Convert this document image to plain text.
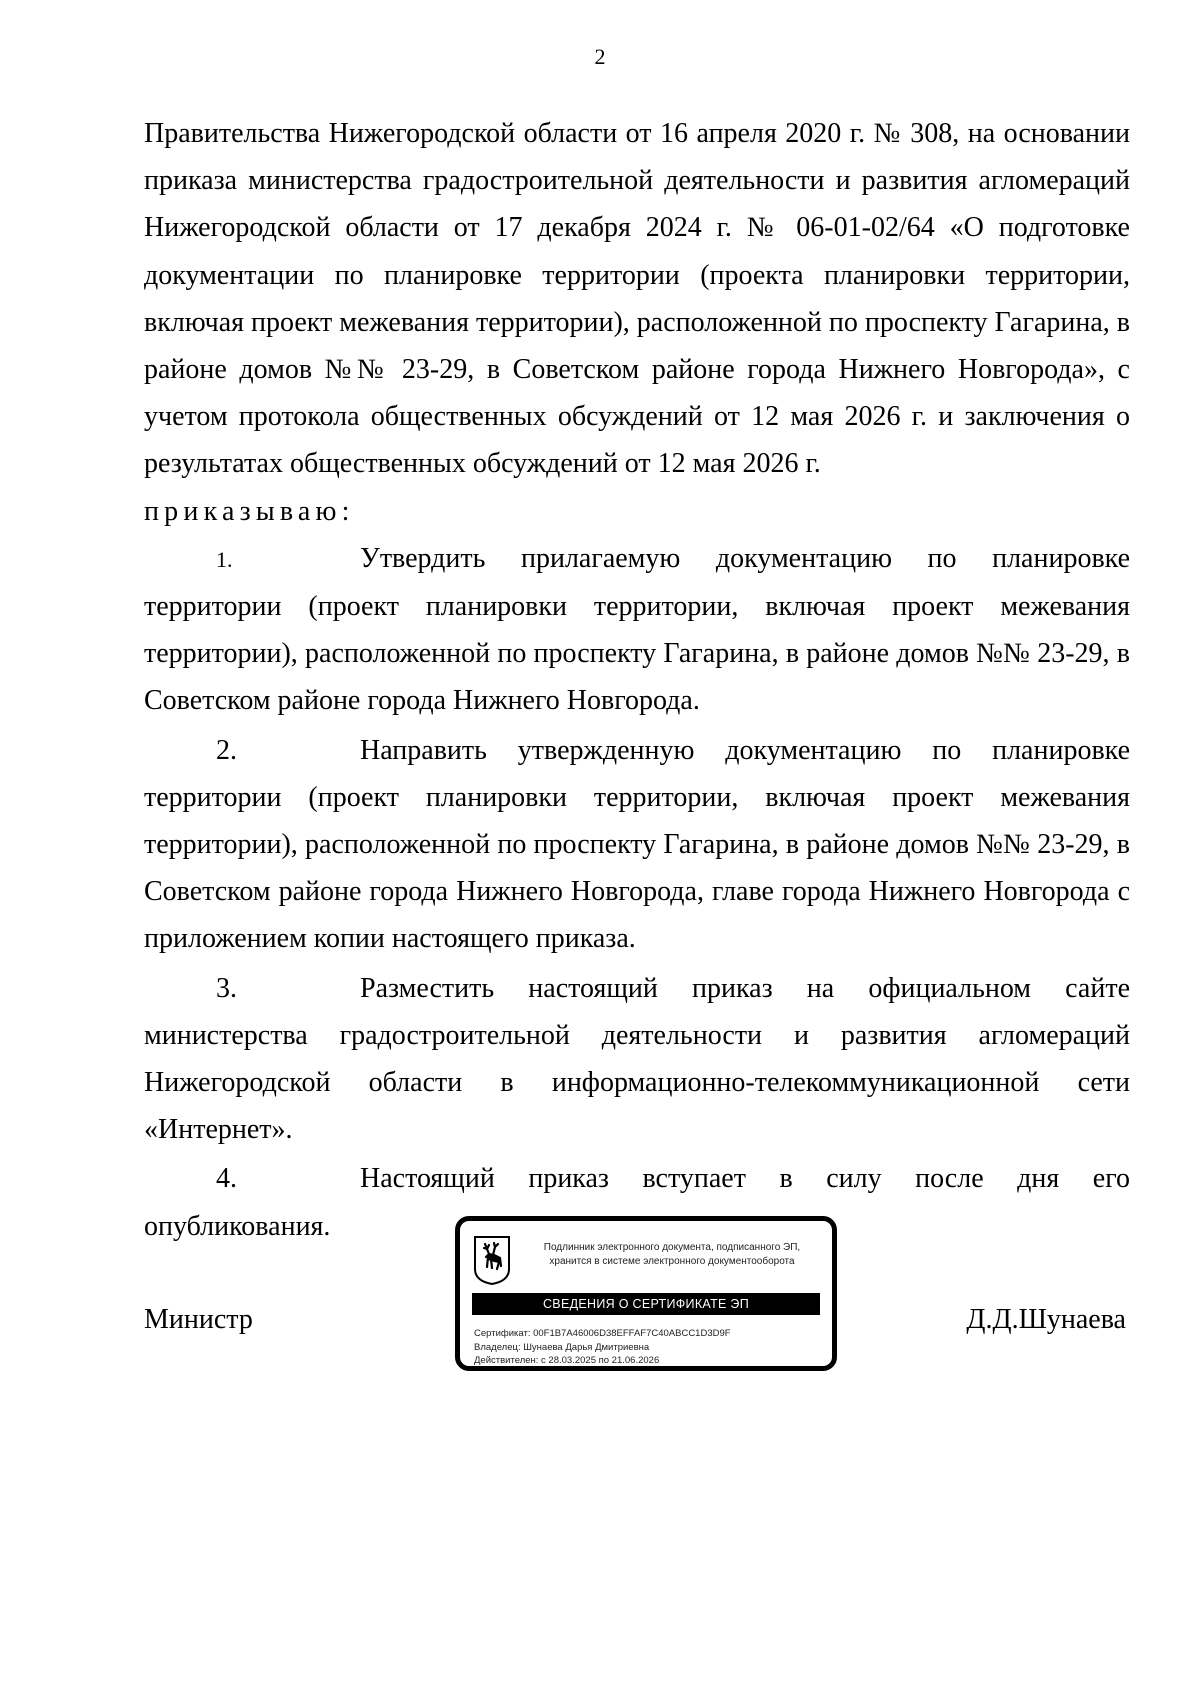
2

Правительства Нижегородской области от 16 апреля 2020 г. № 308, на основании приказа министерства градостроительной деятельности и развития агломераций Нижегородской области от 17 декабря 2024 г. № 06-01-02/64 «О подготовке документации по планировке территории (проекта планировки территории, включая проект межевания территории), расположенной по проспекту Гагарина, в районе домов №№ 23-29, в Советском районе города Нижнего Новгорода», с учетом протокола общественных обсуждений от 12 мая 2026 г. и заключения о результатах общественных обсуждений от 12 мая 2026 г.

приказываю:

1.	Утвердить прилагаемую документацию по планировке территории (проект планировки территории, включая проект межевания территории), расположенной по проспекту Гагарина, в районе домов №№ 23-29, в Советском районе города Нижнего Новгорода.

2.	Направить утвержденную документацию по планировке территории (проект планировки территории, включая проект межевания территории), расположенной по проспекту Гагарина, в районе домов №№ 23-29, в Советском районе города Нижнего Новгорода, главе города Нижнего Новгорода с приложением копии настоящего приказа.

3.	Разместить настоящий приказ на официальном сайте министерства градостроительной деятельности и развития агломераций Нижегородской области в информационно-телекоммуникационной сети «Интернет».

4.	Настоящий приказ вступает в силу после дня его опубликования.

Министр
Подлинник электронного документа, подписанного ЭП,
хранится в системе электронного документооборота
СВЕДЕНИЯ О СЕРТИФИКАТЕ ЭП
Сертификат: 00F1B7A46006D38EFFAF7C40ABCC1D3D9F
Владелец: Шунаева Дарья Дмитриевна
Действителен: с 28.03.2025 по 21.06.2026
Д.Д.Шунаева
